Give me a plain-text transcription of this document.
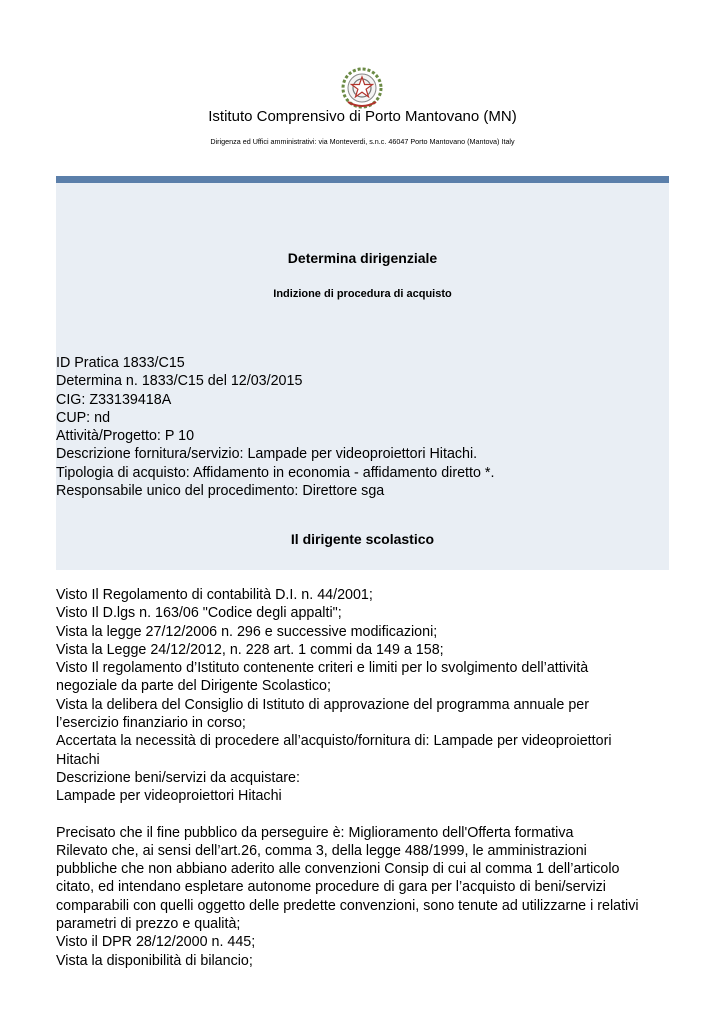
Istituto Comprensivo di Porto Mantovano (MN)
Dirigenza ed Uffici amministrativi: via Monteverdi, s.n.c. 46047 Porto Mantovano (Mantova) Italy
Determina dirigenziale
Indizione di procedura di acquisto
ID Pratica 1833/C15
Determina n. 1833/C15 del 12/03/2015
CIG: Z33139418A
CUP: nd
Attività/Progetto: P 10
Descrizione fornitura/servizio: Lampade per videoproiettori Hitachi.
Tipologia di acquisto: Affidamento in economia - affidamento diretto *.
Responsabile unico del procedimento: Direttore sga
Il dirigente scolastico
Visto Il Regolamento di contabilità D.I. n. 44/2001;
Visto Il D.lgs n. 163/06 "Codice degli appalti";
Vista la legge 27/12/2006 n. 296 e successive modificazioni;
Vista la Legge 24/12/2012, n. 228 art. 1 commi da 149 a 158;
Visto Il regolamento d’Istituto contenente criteri e limiti per lo svolgimento dell’attività
negoziale da parte del Dirigente Scolastico;
Vista la delibera del Consiglio di Istituto di approvazione del programma annuale per
l’esercizio finanziario in corso;
Accertata la necessità di procedere all’acquisto/fornitura di: Lampade per videoproiettori
Hitachi
Descrizione beni/servizi da acquistare:
Lampade per videoproiettori Hitachi
Precisato che il fine pubblico da perseguire è: Miglioramento dell'Offerta formativa
Rilevato che, ai sensi dell’art.26, comma 3, della legge 488/1999, le amministrazioni
pubbliche che non abbiano aderito alle convenzioni Consip di cui al comma 1 dell’articolo
citato, ed intendano espletare autonome procedure di gara per l’acquisto di beni/servizi
comparabili con quelli oggetto delle predette convenzioni, sono tenute ad utilizzarne i relativi
parametri di prezzo e qualità;
Visto il DPR 28/12/2000 n. 445;
Vista la disponibilità di bilancio;
